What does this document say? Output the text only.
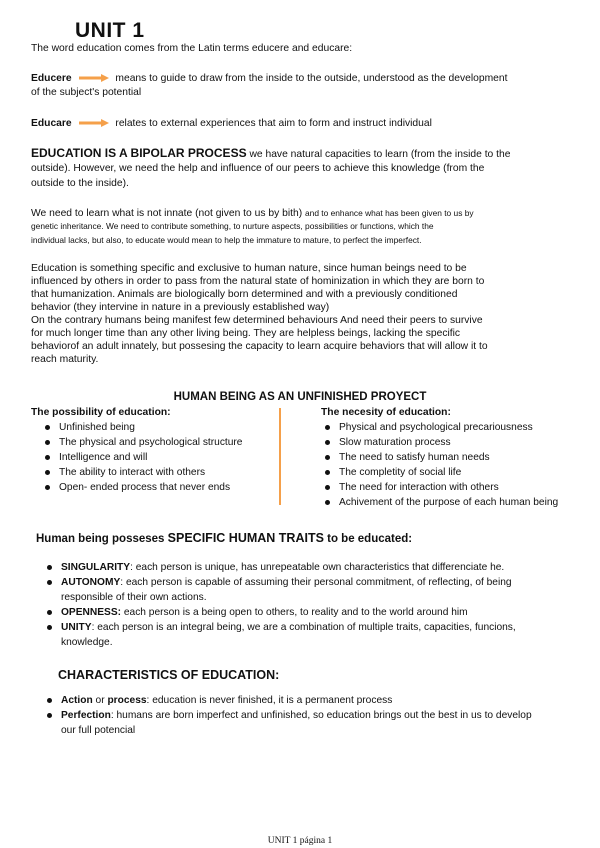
UNIT 1
The word education comes from the Latin terms educere and educare:
Educere	means to guide to draw from the inside to the outside, understood as the development
of the subject's potential
Educare	relates to external experiences that aim to form and instruct individual
EDUCATION IS A BIPOLAR PROCESS we have natural capacities to learn (from the inside to the
outside). However, we need the help and influence of our peers to achieve this knowledge (from the
outside to the inside).
We need to learn what is not innate (not given to us by bith) and to enhance what has been given to us by
genetic inheritance. We need to contribute something, to nurture aspects, possibilities or functions, which the
individual lacks, but also, to educate would mean to help the immature to mature, to perfect the imperfect.
Education is something specific and exclusive to human nature, since human beings need to be
influenced by others in order to pass from the natural state of hominization in which they are born to
that humanization. Animals are biologically born determined and with a previously conditioned
behavior (they intervine in nature in a previously established way)
On the contrary humans being manifest few determined behaviours And need their peers to survive
for much longer time than any other living being. They are helpless beings, lacking the specific
behaviorof an adult innately, but possesing the capacity to learn acquire behaviors that will allow it to
reach maturity.
HUMAN BEING AS AN UNFINISHED PROYECT
The possibility of education:
Unfinished being
The physical and psychological structure
Intelligence and will
The ability to interact with others
Open- ended process that never ends
The necesity of education:
Physical and psychological precariousness
Slow maturation process
The need to satisfy human needs
The completity of social life
The need for interaction with others
Achivement of the purpose of each human being
Human being posseses SPECIFIC HUMAN TRAITS to be educated:
SINGULARITY: each person is unique, has unrepeatable own characteristics that differenciate he.
AUTONOMY: each person is capable of assuming their personal commitment, of reflecting, of being
responsible of their own actions.
OPENNESS: each person is a being open to others, to reality and to the world around him
UNITY: each person is an integral being, we are a combination of multiple traits, capacities, funcions,
knowledge.
CHARACTERISTICS OF EDUCATION:
Action or process: education is never finished, it is a permanent process
Perfection: humans are born imperfect and unfinished, so education brings out the best in us to develop
our full potencial
UNIT 1 página 1
